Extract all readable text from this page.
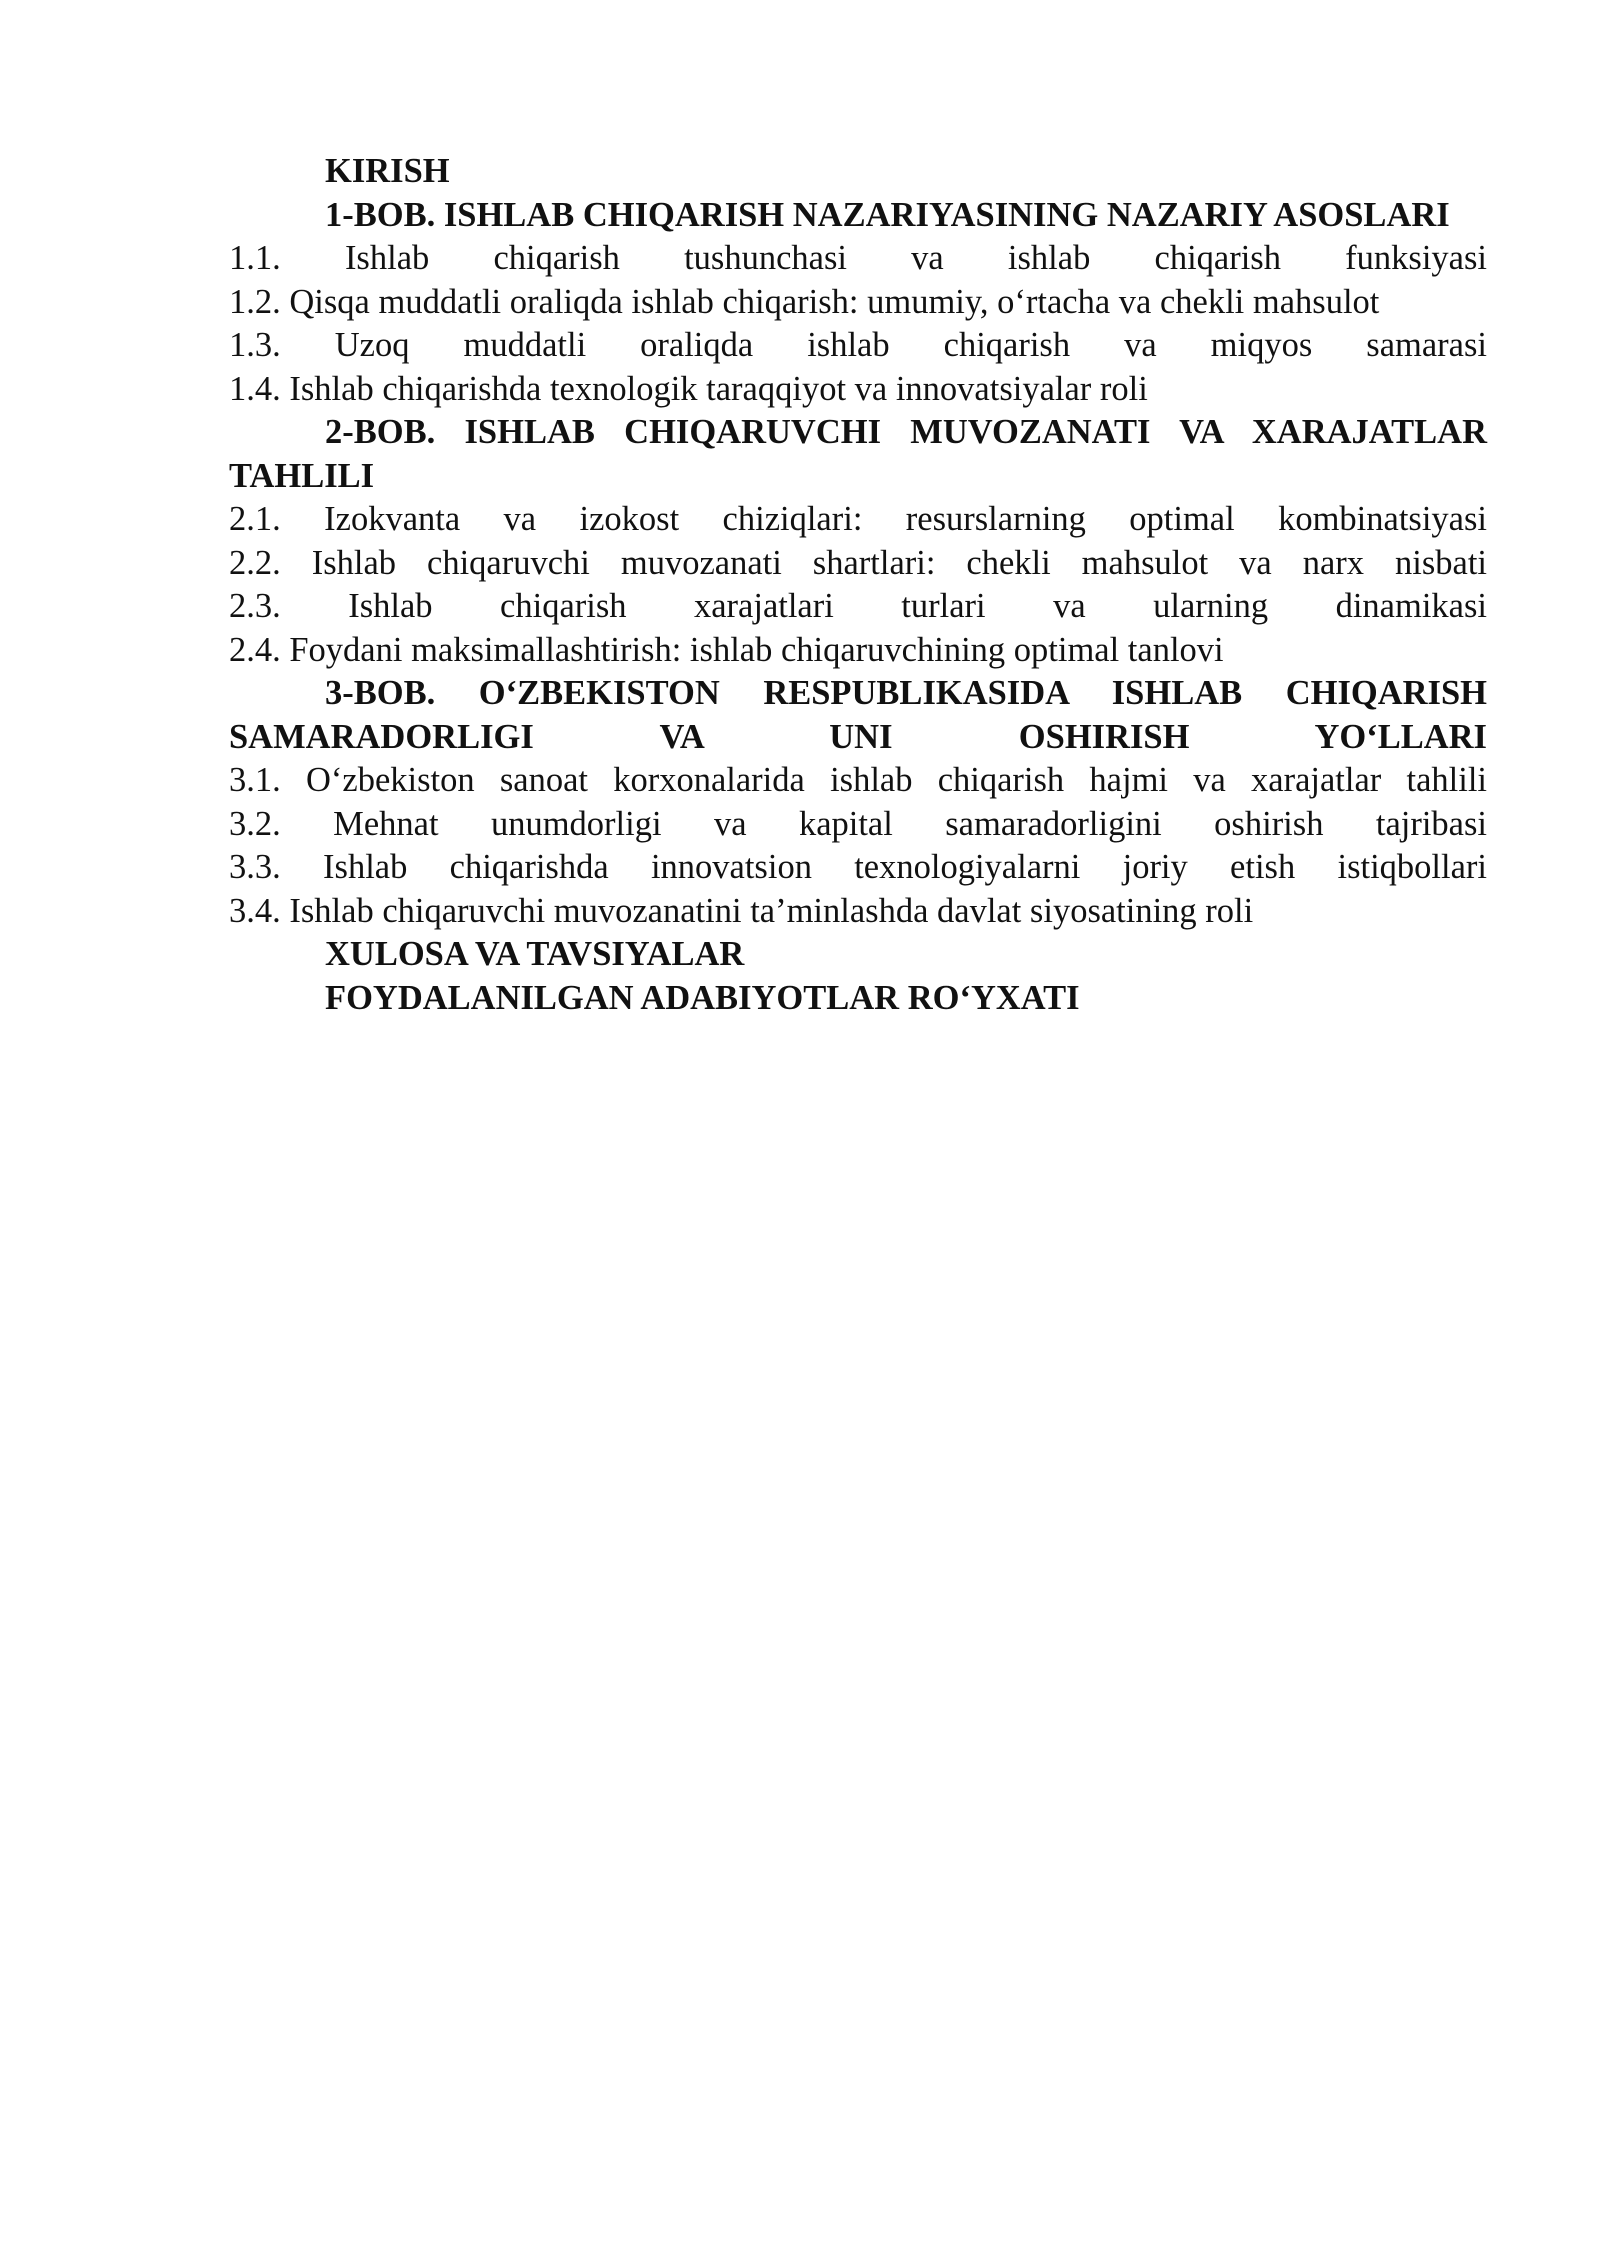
KIRISH

1-BOB. ISHLAB CHIQARISH NAZARIYASINING NAZARIY ASOSLARI

1.1. Ishlab chiqarish tushunchasi va ishlab chiqarish funksiyasi

1.2. Qisqa muddatli oraliqda ishlab chiqarish: umumiy, o‘rtacha va chekli mahsulot

1.3. Uzoq muddatli oraliqda ishlab chiqarish va miqyos samarasi

1.4. Ishlab chiqarishda texnologik taraqqiyot va innovatsiyalar roli

2-BOB. ISHLAB CHIQARUVCHI MUVOZANATI VA XARAJATLAR TAHLILI

2.1. Izokvanta va izokost chiziqlari: resurslarning optimal kombinatsiyasi

2.2. Ishlab chiqaruvchi muvozanati shartlari: chekli mahsulot va narx nisbati

2.3. Ishlab chiqarish xarajatlari turlari va ularning dinamikasi

2.4. Foydani maksimallashtirish: ishlab chiqaruvchining optimal tanlovi

3-BOB. O‘ZBEKISTON RESPUBLIKASIDA ISHLAB CHIQARISH SAMARADORLIGI VA UNI OSHIRISH YO‘LLARI

3.1. O‘zbekiston sanoat korxonalarida ishlab chiqarish hajmi va xarajatlar tahlili

3.2. Mehnat unumdorligi va kapital samaradorligini oshirish tajribasi

3.3. Ishlab chiqarishda innovatsion texnologiyalarni joriy etish istiqbollari

3.4. Ishlab chiqaruvchi muvozanatini ta’minlashda davlat siyosatining roli

XULOSA VA TAVSIYALAR

FOYDALANILGAN ADABIYOTLAR RO‘YXATI
